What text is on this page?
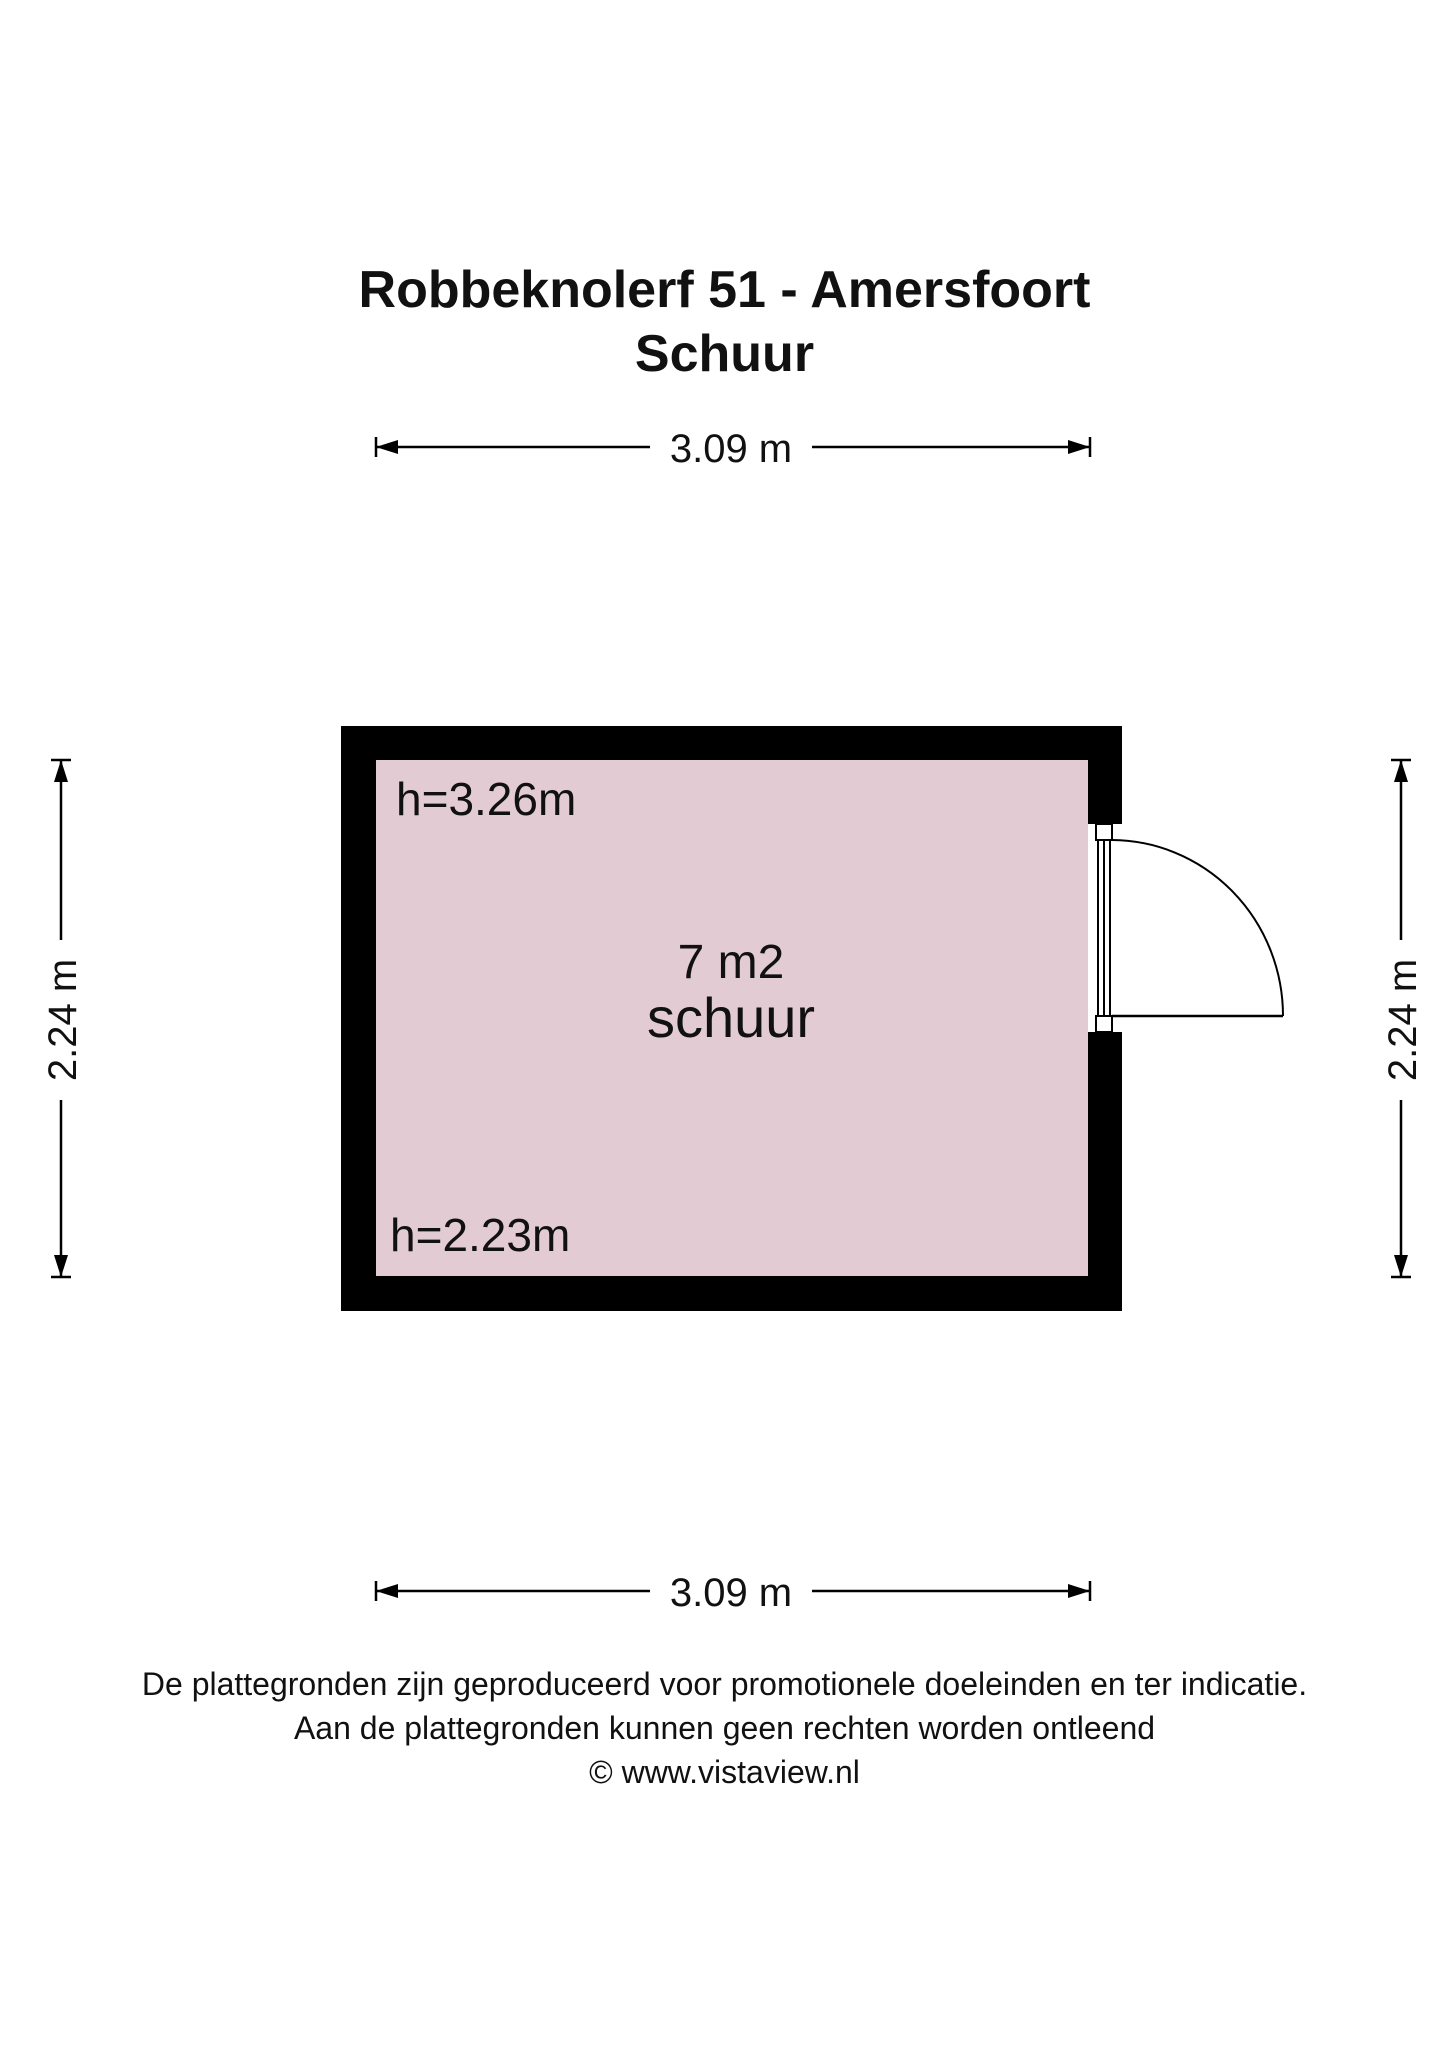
Robbeknolerf 51 - Amersfoort
Schuur
3.09 m
3.09 m
2.24 m	2.24 m
h=3.26m
7 m2
schuur
h=2.23m
De plattegronden zijn geproduceerd voor promotionele doeleinden en ter indicatie.
Aan de plattegronden kunnen geen rechten worden ontleend
© www.vistaview.nl
